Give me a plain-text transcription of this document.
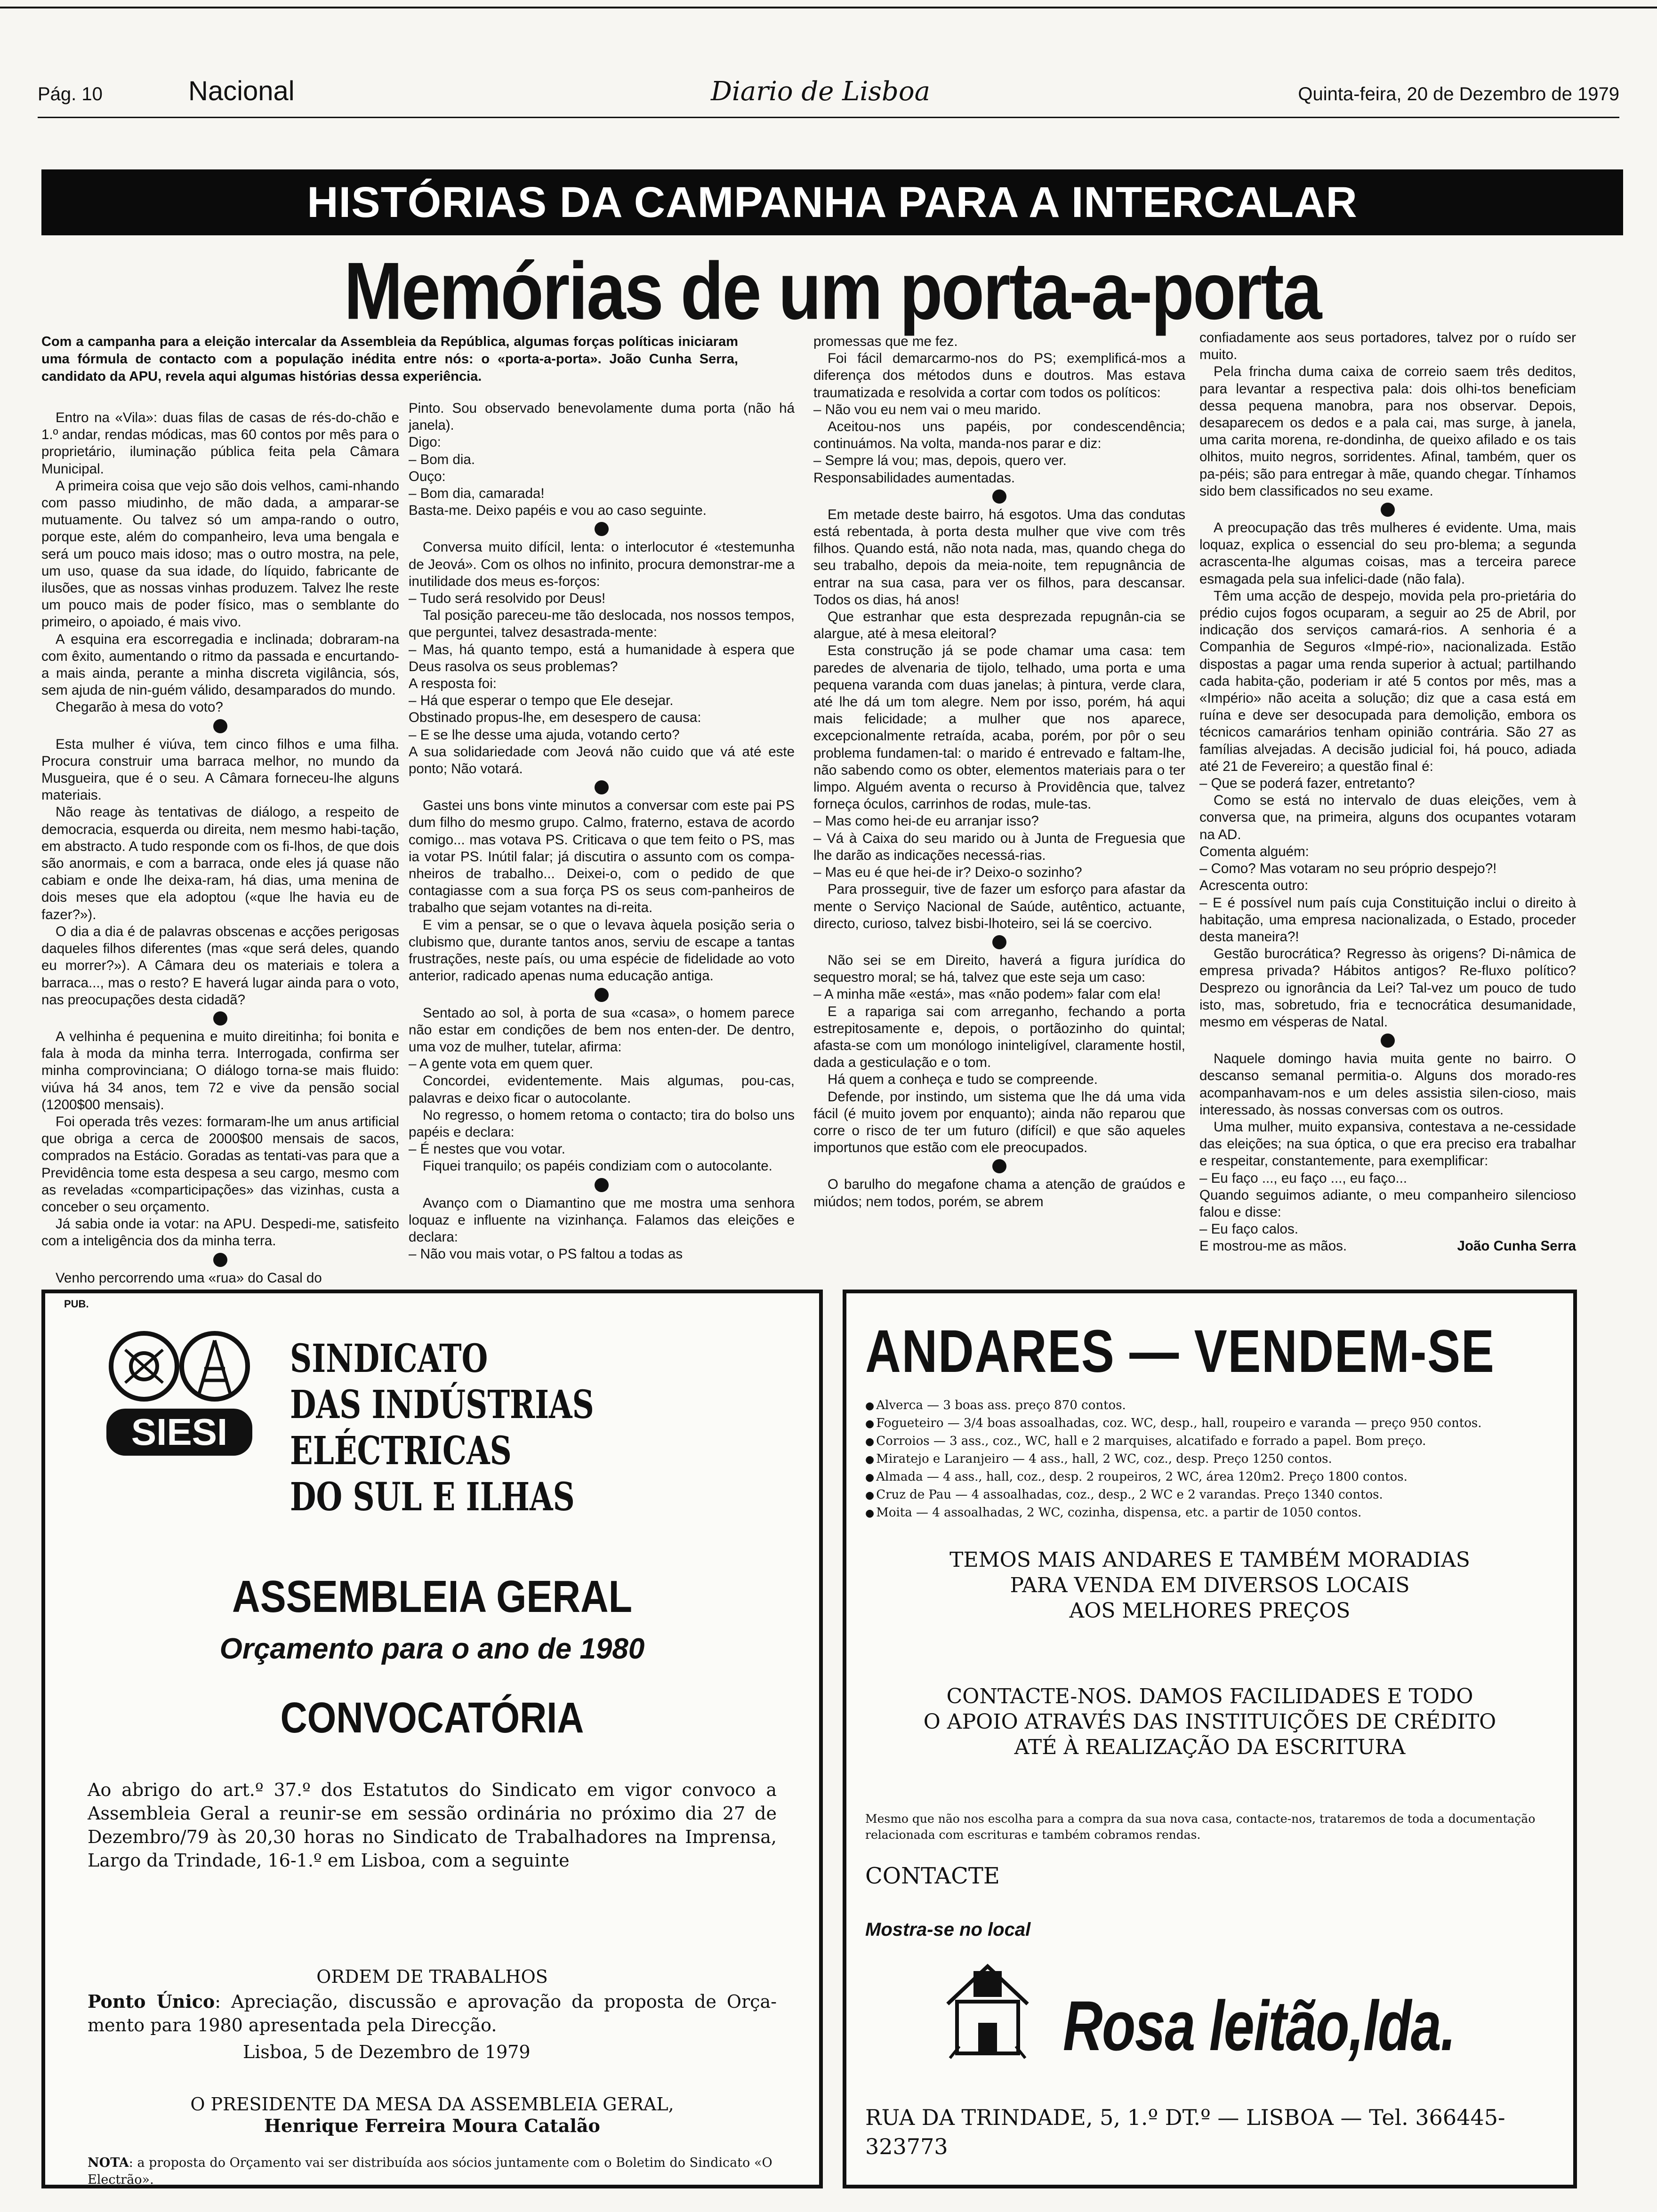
Pág. 10	Nacional	Diario de Lisboa	Quinta-feira, 20 de Dezembro de 1979
HISTÓRIAS DA CAMPANHA PARA A INTERCALAR
Memórias de um porta-a-porta

Com a campanha para a eleição intercalar da Assembleia da República, algumas forças políticas iniciaram uma fórmula de contacto com a população inédita entre nós: o «porta-a-porta». João Cunha Serra, candidato da APU, revela aqui algumas histórias dessa experiência.

Entro na «Vila»: duas filas de casas de rés-do-chão e 1.º andar, rendas módicas, mas 60 contos por mês para o proprietário, iluminação pública feita pela Câmara Municipal.

A primeira coisa que vejo são dois velhos, cami-nhando com passo miudinho, de mão dada, a amparar-se mutuamente. Ou talvez só um ampa-rando o outro, porque este, além do companheiro, leva uma bengala e será um pouco mais idoso; mas o outro mostra, na pele, um uso, quase da sua idade, do líquido, fabricante de ilusões, que as nossas vinhas produzem. Talvez lhe reste um pouco mais de poder físico, mas o semblante do primeiro, o apoiado, é mais vivo.

A esquina era escorregadia e inclinada; dobraram-na com êxito, aumentando o ritmo da passada e encurtando-a mais ainda, perante a minha discreta vigilância, sós, sem ajuda de nin-guém válido, desamparados do mundo.

Chegarão à mesa do voto?

Esta mulher é viúva, tem cinco filhos e uma filha. Procura construir uma barraca melhor, no mundo da Musgueira, que é o seu. A Câmara forneceu-lhe alguns materiais.

Não reage às tentativas de diálogo, a respeito de democracia, esquerda ou direita, nem mesmo habi-tação, em abstracto. A tudo responde com os fi-lhos, de que dois são anormais, e com a barraca, onde eles já quase não cabiam e onde lhe deixa-ram, há dias, uma menina de dois meses que ela adoptou («que lhe havia eu de fazer?»).

O dia a dia é de palavras obscenas e acções perigosas daqueles filhos diferentes (mas «que será deles, quando eu morrer?»). A Câmara deu os materiais e tolera a barraca..., mas o resto? E haverá lugar ainda para o voto, nas preocupações desta cidadã?

A velhinha é pequenina e muito direitinha; foi bonita e fala à moda da minha terra. Interrogada, confirma ser minha comprovinciana; O diálogo torna-se mais fluido: viúva há 34 anos, tem 72 e vive da pensão social (1200$00 mensais).

Foi operada três vezes: formaram-lhe um anus artificial que obriga a cerca de 2000$00 mensais de sacos, comprados na Estácio. Goradas as tentati-vas para que a Previdência tome esta despesa a seu cargo, mesmo com as reveladas «comparticipações» das vizinhas, custa a conceber o seu orçamento.

Já sabia onde ia votar: na APU. Despedi-me, satisfeito com a inteligência dos da minha terra.

Venho percorrendo uma «rua» do Casal do

Pinto. Sou observado benevolamente duma porta (não há janela).

Digo:

– Bom dia.

Ouço:

– Bom dia, camarada!

Basta-me. Deixo papéis e vou ao caso seguinte.

Conversa muito difícil, lenta: o interlocutor é «testemunha de Jeová». Com os olhos no infinito, procura demonstrar-me a inutilidade dos meus es-forços:

– Tudo será resolvido por Deus!

Tal posição pareceu-me tão deslocada, nos nossos tempos, que perguntei, talvez desastrada-mente:

– Mas, há quanto tempo, está a humanidade à espera que Deus rasolva os seus problemas?

A resposta foi:

– Há que esperar o tempo que Ele desejar.

Obstinado propus-lhe, em desespero de causa:

– E se lhe desse uma ajuda, votando certo?

A sua solidariedade com Jeová não cuido que vá até este ponto; Não votará.

Gastei uns bons vinte minutos a conversar com este pai PS dum filho do mesmo grupo. Calmo, fraterno, estava de acordo comigo... mas votava PS. Criticava o que tem feito o PS, mas ia votar PS. Inútil falar; já discutira o assunto com os compa-nheiros de trabalho... Deixei-o, com o pedido de que contagiasse com a sua força PS os seus com-panheiros de trabalho que sejam votantes na di-reita.

E vim a pensar, se o que o levava àquela posição seria o clubismo que, durante tantos anos, serviu de escape a tantas frustrações, neste país, ou uma espécie de fidelidade ao voto anterior, radicado apenas numa educação antiga.

Sentado ao sol, à porta de sua «casa», o homem parece não estar em condições de bem nos enten-der. De dentro, uma voz de mulher, tutelar, afirma:

– A gente vota em quem quer.

Concordei, evidentemente. Mais algumas, pou-cas, palavras e deixo ficar o autocolante.

No regresso, o homem retoma o contacto; tira do bolso uns papéis e declara:

– É nestes que vou votar.

Fiquei tranquilo; os papéis condiziam com o autocolante.

Avanço com o Diamantino que me mostra uma senhora loquaz e influente na vizinhança. Falamos das eleições e declara:

– Não vou mais votar, o PS faltou a todas as

promessas que me fez.

Foi fácil demarcarmo-nos do PS; exemplificá-mos a diferença dos métodos duns e doutros. Mas estava traumatizada e resolvida a cortar com todos os políticos:

– Não vou eu nem vai o meu marido.

Aceitou-nos uns papéis, por condescendência; continuámos. Na volta, manda-nos parar e diz:

– Sempre lá vou; mas, depois, quero ver.

Responsabilidades aumentadas.

Em metade deste bairro, há esgotos. Uma das condutas está rebentada, à porta desta mulher que vive com três filhos. Quando está, não nota nada, mas, quando chega do seu trabalho, depois da meia-noite, tem repugnância de entrar na sua casa, para ver os filhos, para descansar. Todos os dias, há anos!

Que estranhar que esta desprezada repugnân-cia se alargue, até à mesa eleitoral?

Esta construção já se pode chamar uma casa: tem paredes de alvenaria de tijolo, telhado, uma porta e uma pequena varanda com duas janelas; à pintura, verde clara, até lhe dá um tom alegre. Nem por isso, porém, há aqui mais felicidade; a mulher que nos aparece, excepcionalmente retraída, acaba, porém, por pôr o seu problema fundamen-tal: o marido é entrevado e faltam-lhe, não sabendo como os obter, elementos materiais para o ter limpo. Alguém aventa o recurso à Providência que, talvez forneça óculos, carrinhos de rodas, mule-tas.

– Mas como hei-de eu arranjar isso?

– Vá à Caixa do seu marido ou à Junta de Freguesia que lhe darão as indicações necessá-rias.

– Mas eu é que hei-de ir? Deixo-o sozinho?

Para prosseguir, tive de fazer um esforço para afastar da mente o Serviço Nacional de Saúde, autêntico, actuante, directo, curioso, talvez bisbi-lhoteiro, sei lá se coercivo.

Não sei se em Direito, haverá a figura jurídica do sequestro moral; se há, talvez que este seja um caso:

– A minha mãe «está», mas «não podem» falar com ela!

E a rapariga sai com arreganho, fechando a porta estrepitosamente e, depois, o portãozinho do quintal; afasta-se com um monólogo ininteligível, claramente hostil, dada a gesticulação e o tom.

Há quem a conheça e tudo se compreende.

Defende, por instindo, um sistema que lhe dá uma vida fácil (é muito jovem por enquanto); ainda não reparou que corre o risco de ter um futuro (difícil) e que são aqueles importunos que estão com ele preocupados.

O barulho do megafone chama a atenção de graúdos e miúdos; nem todos, porém, se abrem

confiadamente aos seus portadores, talvez por o ruído ser muito.

Pela frincha duma caixa de correio saem três deditos, para levantar a respectiva pala: dois olhi-tos beneficiam dessa pequena manobra, para nos observar. Depois, desaparecem os dedos e a pala cai, mas surge, à janela, uma carita morena, re-dondinha, de queixo afilado e os tais olhitos, muito negros, sorridentes. Afinal, também, quer os pa-péis; são para entregar à mãe, quando chegar. Tínhamos sido bem classificados no seu exame.

A preocupação das três mulheres é evidente. Uma, mais loquaz, explica o essencial do seu pro-blema; a segunda acrascenta-lhe algumas coisas, mas a terceira parece esmagada pela sua infelici-dade (não fala).

Têm uma acção de despejo, movida pela pro-prietária do prédio cujos fogos ocuparam, a seguir ao 25 de Abril, por indicação dos serviços camará-rios. A senhoria é a Companhia de Seguros «Impé-rio», nacionalizada. Estão dispostas a pagar uma renda superior à actual; partilhando cada habita-ção, poderiam ir até 5 contos por mês, mas a «Império» não aceita a solução; diz que a casa está em ruína e deve ser desocupada para demolição, embora os técnicos camarários tenham opinião contrária. São 27 as famílias alvejadas. A decisão judicial foi, há pouco, adiada até 21 de Fevereiro; a questão final é:

– Que se poderá fazer, entretanto?

Como se está no intervalo de duas eleições, vem à conversa que, na primeira, alguns dos ocupantes votaram na AD.

Comenta alguém:

– Como? Mas votaram no seu próprio despejo?!

Acrescenta outro:

– E é possível num país cuja Constituição inclui o direito à habitação, uma empresa nacionalizada, o Estado, proceder desta maneira?!

Gestão burocrática? Regresso às origens? Di-nâmica de empresa privada? Hábitos antigos? Re-fluxo político? Desprezo ou ignorância da Lei? Tal-vez um pouco de tudo isto, mas, sobretudo, fria e tecnocrática desumanidade, mesmo em vésperas de Natal.

Naquele domingo havia muita gente no bairro. O descanso semanal permitia-o. Alguns dos morado-res acompanhavam-nos e um deles assistia silen-cioso, mais interessado, às nossas conversas com os outros.

Uma mulher, muito expansiva, contestava a ne-cessidade das eleições; na sua óptica, o que era preciso era trabalhar e respeitar, constantemente, para exemplificar:

– Eu faço ..., eu faço ..., eu faço...

Quando seguimos adiante, o meu companheiro silencioso falou e disse:

– Eu faço calos.

E mostrou-me as mãos.	João Cunha Serra

PUB.
SIESI
SINDICATO
DAS INDÚSTRIAS ELÉCTRICAS
DO SUL E ILHAS
ASSEMBLEIA GERAL
Orçamento para o ano de 1980
CONVOCATÓRIA

Ao abrigo do art.º 37.º dos Estatutos do Sindicato em vigor convoco a Assembleia Geral a reunir-se em sessão ordinária no próximo dia 27 de Dezembro/79 às 20,30 horas no Sindicato de Trabalhadores na Imprensa, Largo da Trindade, 16-1.º em Lisboa, com a seguinte

ORDEM DE TRABALHOS

Ponto Único: Apreciação, discussão e aprovação da proposta de Orça-mento para 1980 apresentada pela Direcção.

Lisboa, 5 de Dezembro de 1979
O PRESIDENTE DA MESA DA ASSEMBLEIA GERAL,
Henrique Ferreira Moura Catalão

NOTA: a proposta do Orçamento vai ser distribuída aos sócios juntamente com o Boletim do Sindicato «O Electrão».

ANDARES — VENDEM-SE
● Alverca — 3 boas ass. preço 870 contos.
● Fogueteiro — 3/4 boas assoalhadas, coz. WC, desp., hall, roupeiro e varanda — preço 950 contos.
● Corroios — 3 ass., coz., WC, hall e 2 marquises, alcatifado e forrado a papel. Bom preço.
● Miratejo e Laranjeiro — 4 ass., hall, 2 WC, coz., desp. Preço 1250 contos.
● Almada — 4 ass., hall, coz., desp. 2 roupeiros, 2 WC, área 120m2. Preço 1800 contos.
● Cruz de Pau — 4 assoalhadas, coz., desp., 2 WC e 2 varandas. Preço 1340 contos.
● Moita — 4 assoalhadas, 2 WC, cozinha, dispensa, etc. a partir de 1050 contos.
TEMOS MAIS ANDARES E TAMBÉM MORADIAS
PARA VENDA EM DIVERSOS LOCAIS
AOS MELHORES PREÇOS
CONTACTE-NOS. DAMOS FACILIDADES E TODO
O APOIO ATRAVÉS DAS INSTITUIÇÕES DE CRÉDITO
ATÉ À REALIZAÇÃO DA ESCRITURA

Mesmo que não nos escolha para a compra da sua nova casa, contacte-nos, trataremos de toda a documentação relacionada com escrituras e também cobramos rendas.

CONTACTE
Mostra-se no local
Rosa leitão,lda.

RUA DA TRINDADE, 5, 1.º DT.º — LISBOA — Tel. 366445-323773
